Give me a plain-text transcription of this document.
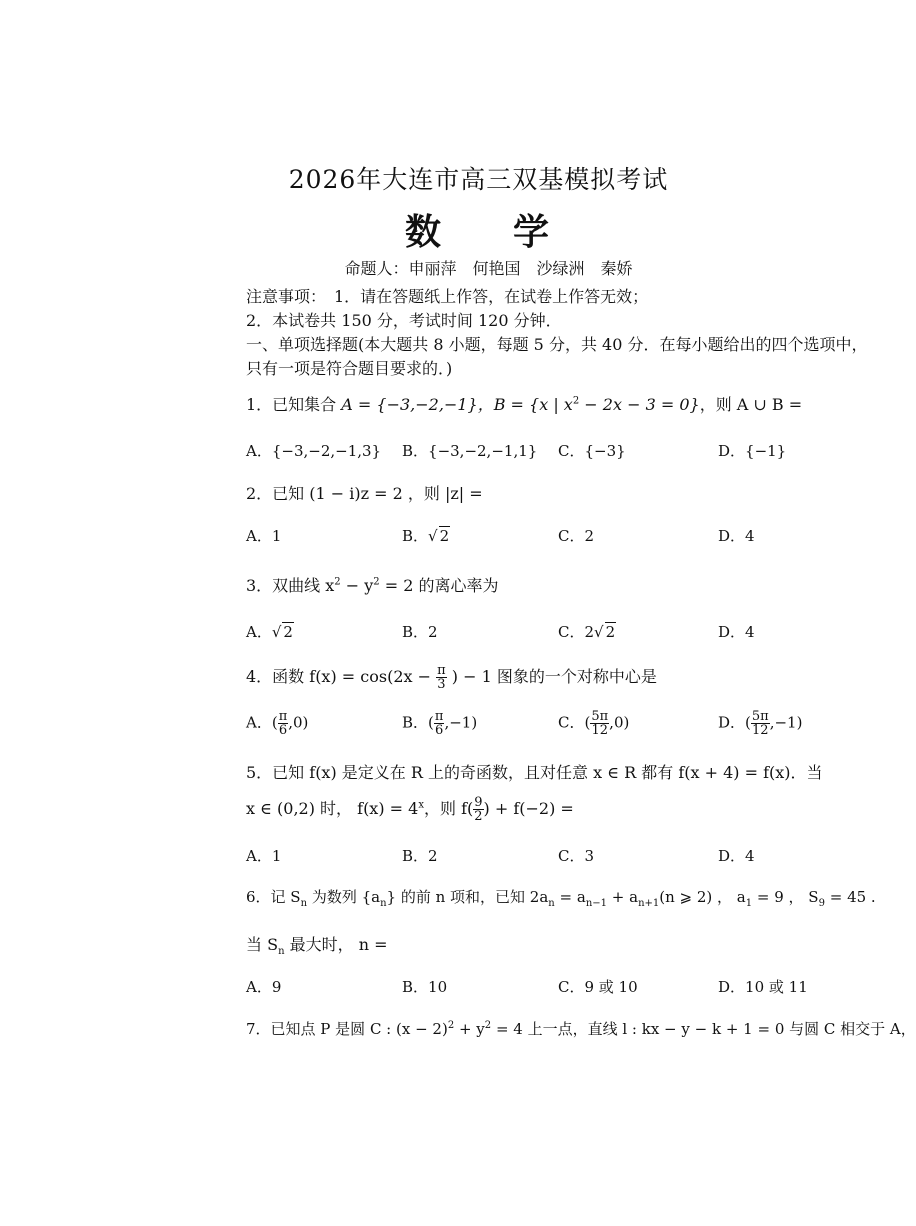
2026年大连市高三双基模拟考试
数　学
命题人：申丽萍　何艳国　沙绿洲　秦娇
注意事项：　1．请在答题纸上作答，在试卷上作答无效；
2．本试卷共 150 分，考试时间 120 分钟．
一、单项选择题(本大题共 8 小题，每题 5 分，共 40 分．在每小题给出的四个选项中，
只有一项是符合题目要求的．)
1．已知集合 A = {−3,−2,−1}，B = {x | $x^2 - 2x - 3 = 0$}，则 A ∪ B =
A．{−3,−2,−1,3} B．{−3,−2,−1,1} C．{−3}	D．{−1}
2．已知 (1 − i)z = 2 ，则 |z| =
A．1	B．√ 2	C．2	D．4
3．双曲线 $x^2 - y^2 = 2$ 的离心率为
A．√ 2	B．2	C．2√ 2	D．4
4．函数 $f(x) = \cos(2x - \frac{\pi}{3}$ ) − 1 图象的一个对称中心是
A．( $\frac{\pi}{6} ,0$)	B．( $\frac{\pi}{6} ,-1$)	C．( $\frac{5\pi}{12} ,0$)	D．( $\frac{5\pi}{12} ,-1$)
5．已知 f(x) 是定义在 R 上的奇函数，且对任意 x ∈ R 都有 f(x + 4) = f(x)．当
x ∈ (0,2) 时， $f(x) = 4^x$，则 $f( \frac{9}{2}$ ) + f(−2) =
A．1	B．2	C．3	D．4
6．记 $S_n$ 为数列 $\{a_n\}$ 的前 n 项和，已知 $2a_n = a_{n-1} + a_{n+1}(n$ ⩾ 2) ， $a_1 = 9$ ， $S_9 = 45$ .
当 $S_n$ 最大时， n =
A．9	B．10	C．9 或 10	D．10 或 11
7．已知点 P 是圆 C : $(x - 2)^2 + y^2 = 4$ 上一点，直线 l : kx − y − k + 1 = 0 与圆 C 相交于 A，
